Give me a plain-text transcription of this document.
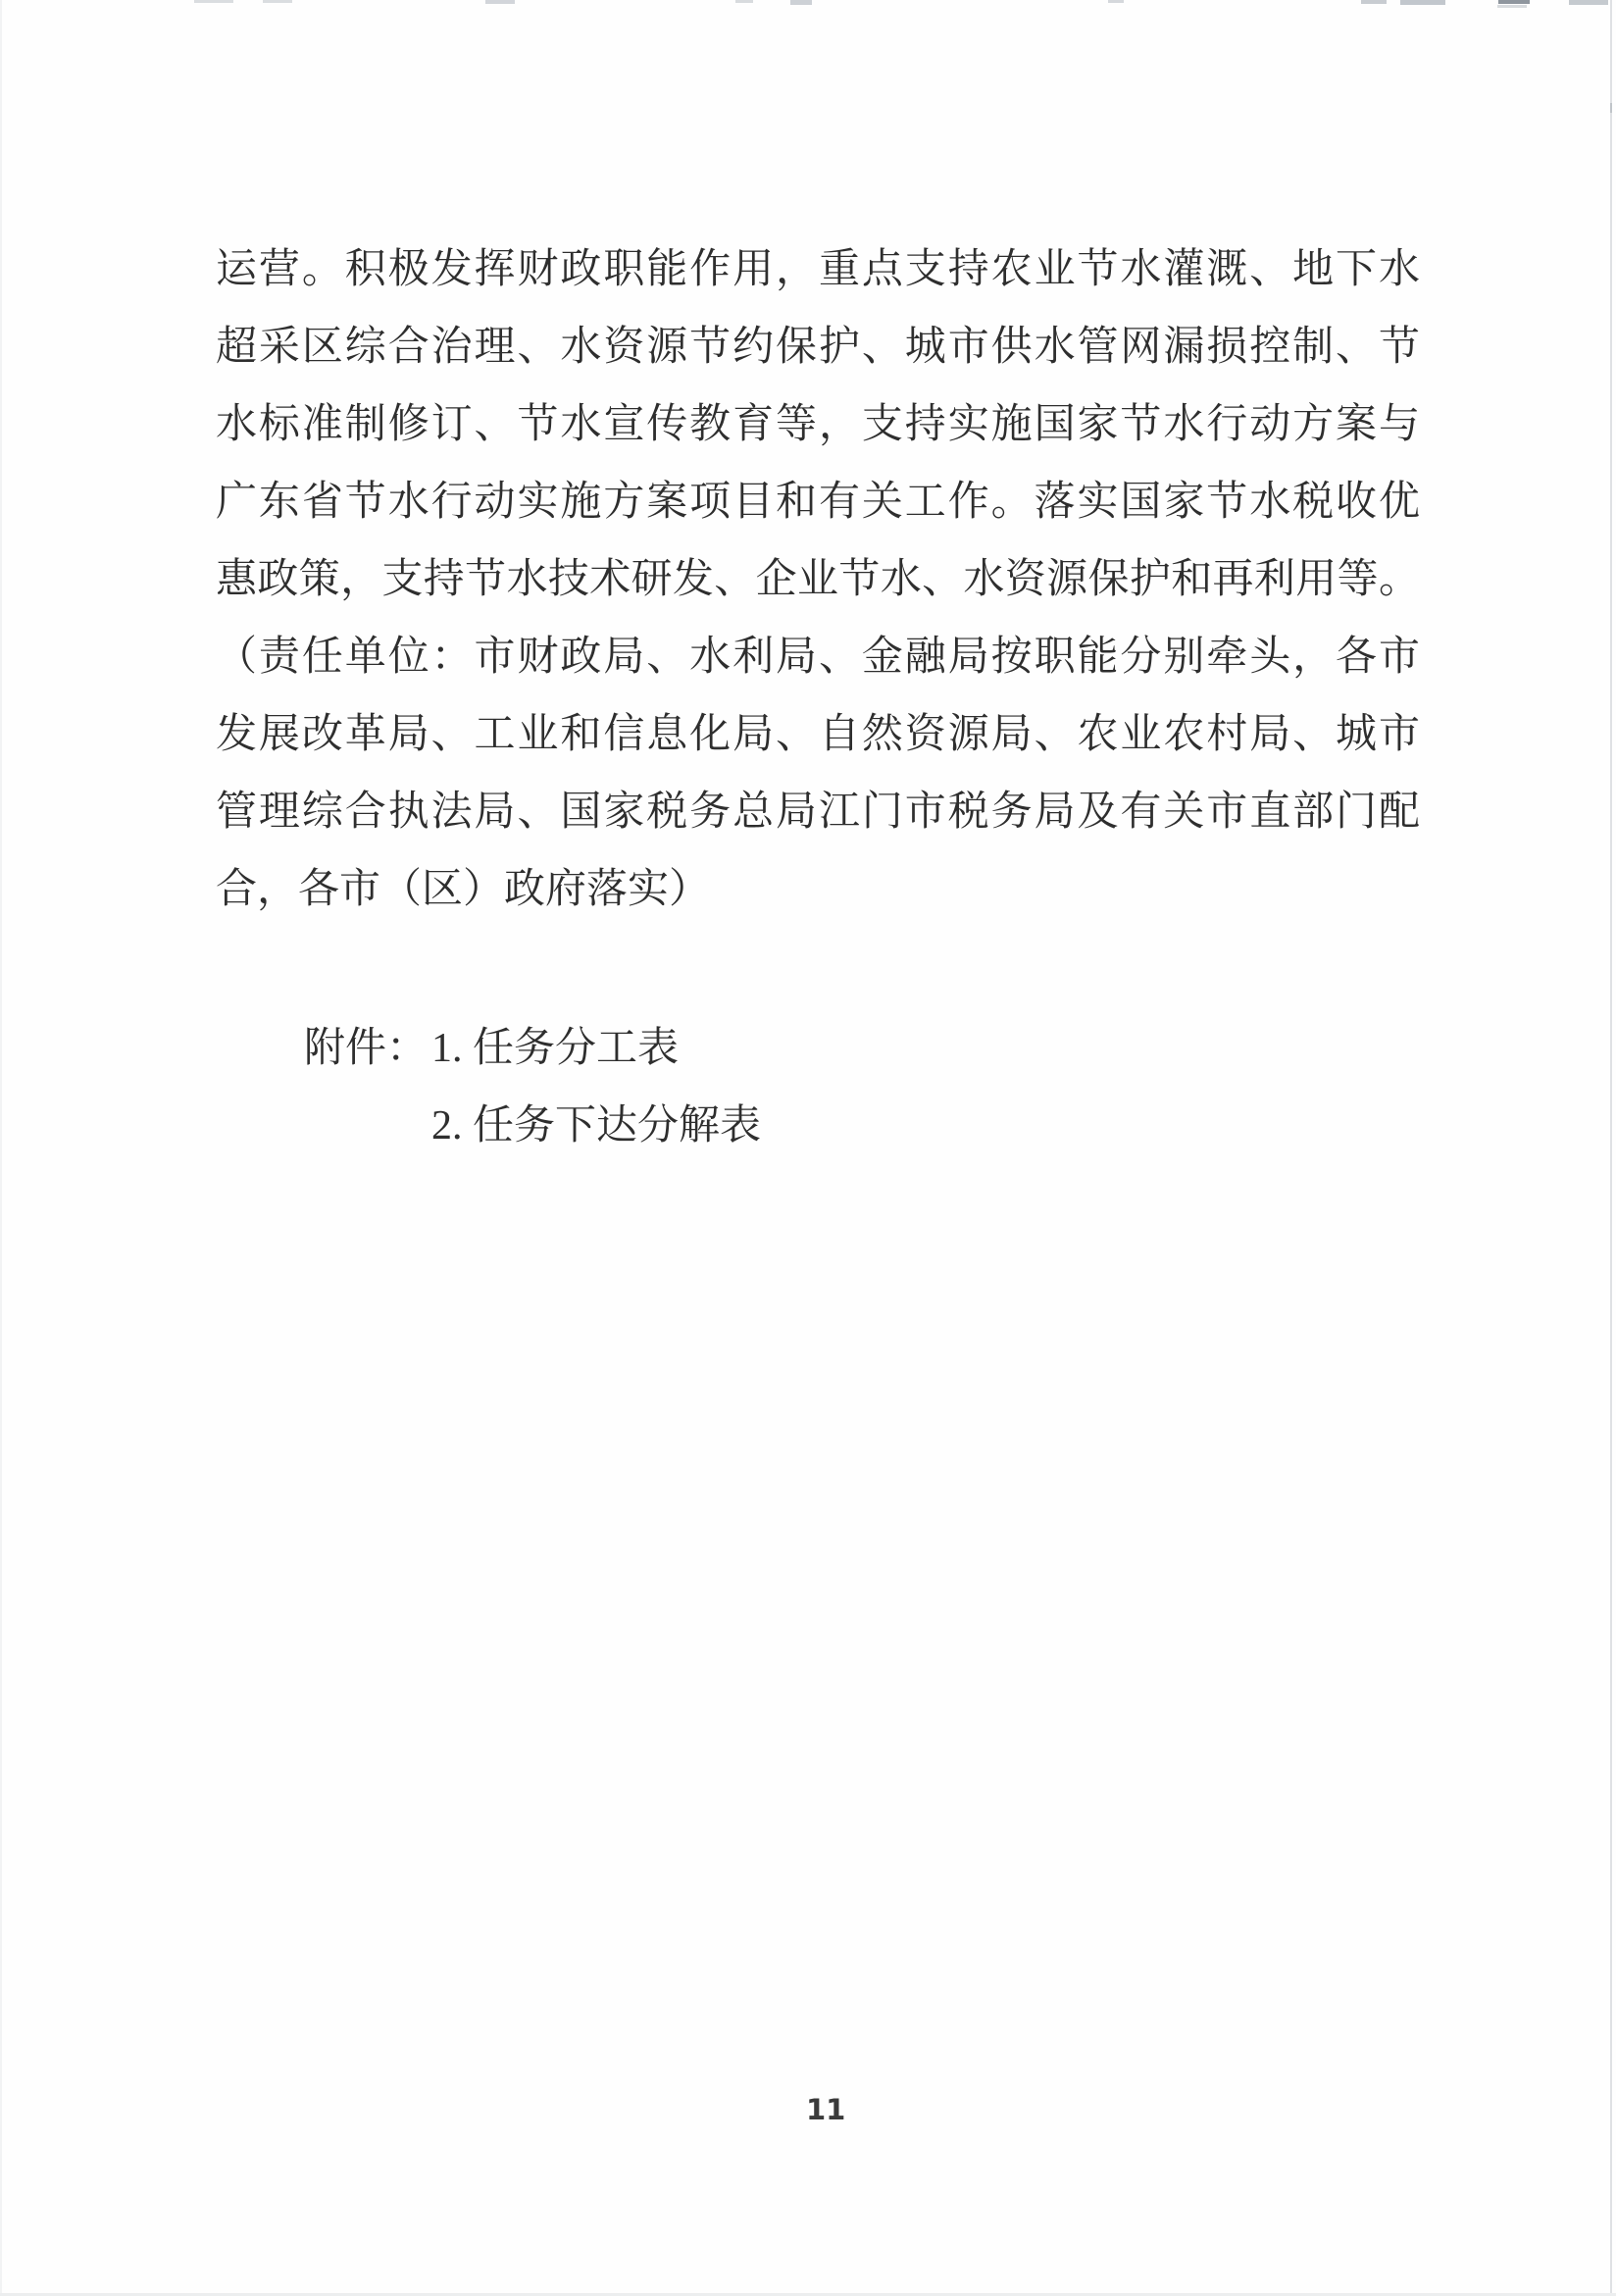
运营。积极发挥财政职能作用，重点支持农业节水灌溉、地下水
超采区综合治理、水资源节约保护、城市供水管网漏损控制、节
水标准制修订、节水宣传教育等，支持实施国家节水行动方案与
广东省节水行动实施方案项目和有关工作。落实国家节水税收优
惠政策，支持节水技术研发、企业节水、水资源保护和再利用等。
（责任单位：市财政局、水利局、金融局按职能分别牵头，各市
发展改革局、工业和信息化局、自然资源局、农业农村局、城市
管理综合执法局、国家税务总局江门市税务局及有关市直部门配
合，各市（区）政府落实）
附件： 1. 任务分工表
2. 任务下达分解表
11
